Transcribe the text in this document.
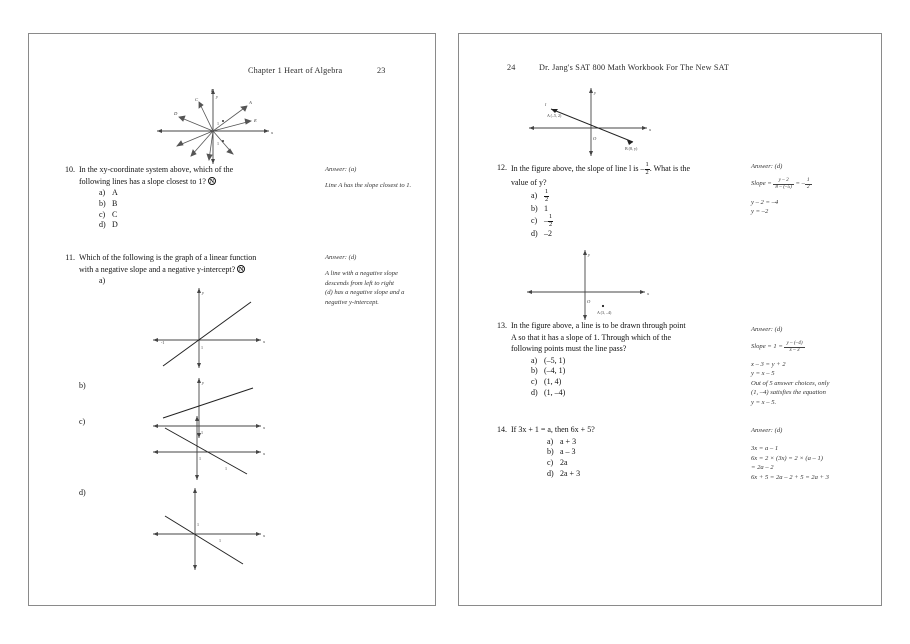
Chapter 1 Heart of Algebra	23
A
B
C
D
E
x
y
1
1
10. In the xy-coordinate system above, which of the
following lines has a slope closest to 1? N
a) A
b) B
c) C
d) D
Answer: (a)
Line A has the slope closest to 1.
11. Which of the following is the graph of a linear function
with a negative slope and a negative y-intercept? N
a)
x
y
1
-1
b)
x
y
1
c)
x
1
1
d)
x
1
1
Answer: (d)
A line with a negative slope
descends from left to right
(d) has a negative slope and a
negative y-intercept.
24	Dr. Jang's SAT 800 Math Workbook For The New SAT
l
x
y
O
A (–5, 2)
B (8, y)
12. In the figure above, the slope of line l is – $\frac{1}{2}$ . What is the
value of y?
$a) \frac{1}{2}$
b) 1
$c) - \frac{1}{2}$
d) –2
Answer: (d)
Slope = $\frac{y - 2}{8 - (-5)}$ = – $\frac{1}{2}$
y – 2 = –4
y = –2
x
y
O
A (3, –4)
13. In the figure above, a line is to be drawn through point
A so that it has a slope of 1. Through which of the
following points must the line pass?
a) (–5, 1)
b) (–4, 1)
c) (1, 4)
d) (1, –4)
Answer: (d)
Slope = $1 = \frac{y - (-4)}{x - 3}$
x – 3 = y + 2
y = x – 5
Out of 5 answer choices, only
(1, –4) satisfies the equation
y = x – 5.
14. If 3x + 1 = a, then 6x + 5?
a) a + 3
b) a – 3
c) 2a
d) 2a + 3
Answer: (d)
3x = a – 1
6x = 2 × (3x) = 2 × (a – 1)
= 2a – 2
6x + 5 = 2a – 2 + 5 = 2a + 3
